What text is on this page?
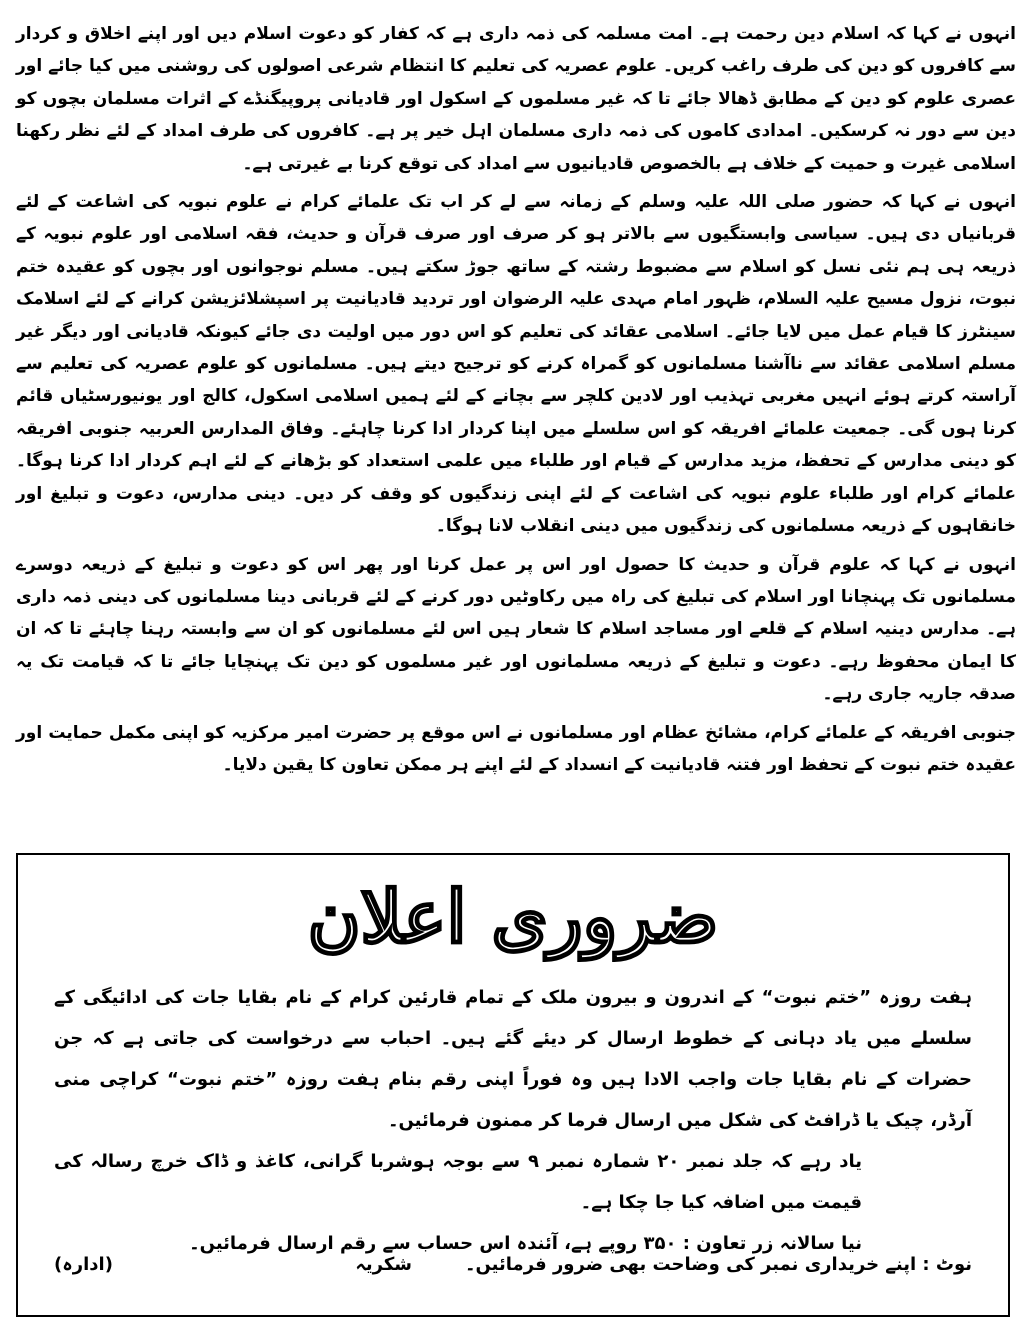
انہوں نے کہا کہ اسلام دین رحمت ہے۔ امت مسلمہ کی ذمہ داری ہے کہ کفار کو دعوت اسلام دیں اور اپنے اخلاق و کردار سے کافروں کو دین کی طرف راغب کریں۔ علوم عصریہ کی تعلیم کا انتظام شرعی اصولوں کی روشنی میں کیا جائے اور عصری علوم کو دین کے مطابق ڈھالا جائے تا کہ غیر مسلموں کے اسکول اور قادیانی پروپیگنڈے کے اثرات مسلمان بچوں کو دین سے دور نہ کرسکیں۔ امدادی کاموں کی ذمہ داری مسلمان اہل خیر پر ہے۔ کافروں کی طرف امداد کے لئے نظر رکھنا اسلامی غیرت و حمیت کے خلاف ہے بالخصوص قادیانیوں سے امداد کی توقع کرنا بے غیرتی ہے۔

انہوں نے کہا کہ حضور صلی اللہ علیہ وسلم کے زمانہ سے لے کر اب تک علمائے کرام نے علوم نبویہ کی اشاعت کے لئے قربانیاں دی ہیں۔ سیاسی وابستگیوں سے بالاتر ہو کر صرف اور صرف قرآن و حدیث، فقہ اسلامی اور علوم نبویہ کے ذریعہ ہی ہم نئی نسل کو اسلام سے مضبوط رشتہ کے ساتھ جوڑ سکتے ہیں۔ مسلم نوجوانوں اور بچوں کو عقیدہ ختم نبوت، نزول مسیح علیہ السلام، ظہور امام مہدی علیہ الرضوان اور تردید قادیانیت پر اسپشلائزیشن کرانے کے لئے اسلامک سینٹرز کا قیام عمل میں لایا جائے۔ اسلامی عقائد کی تعلیم کو اس دور میں اولیت دی جائے کیونکہ قادیانی اور دیگر غیر مسلم اسلامی عقائد سے ناآشنا مسلمانوں کو گمراہ کرنے کو ترجیح دیتے ہیں۔ مسلمانوں کو علوم عصریہ کی تعلیم سے آراستہ کرتے ہوئے انہیں مغربی تہذیب اور لادین کلچر سے بچانے کے لئے ہمیں اسلامی اسکول، کالج اور یونیورسٹیاں قائم کرنا ہوں گی۔ جمعیت علمائے افریقہ کو اس سلسلے میں اپنا کردار ادا کرنا چاہئے۔ وفاق المدارس العربیہ جنوبی افریقہ کو دینی مدارس کے تحفظ، مزید مدارس کے قیام اور طلباء میں علمی استعداد کو بڑھانے کے لئے اہم کردار ادا کرنا ہوگا۔ علمائے کرام اور طلباء علوم نبویہ کی اشاعت کے لئے اپنی زندگیوں کو وقف کر دیں۔ دینی مدارس، دعوت و تبلیغ اور خانقاہوں کے ذریعہ مسلمانوں کی زندگیوں میں دینی انقلاب لانا ہوگا۔

انہوں نے کہا کہ علوم قرآن و حدیث کا حصول اور اس پر عمل کرنا اور پھر اس کو دعوت و تبلیغ کے ذریعہ دوسرے مسلمانوں تک پہنچانا اور اسلام کی تبلیغ کی راہ میں رکاوٹیں دور کرنے کے لئے قربانی دینا مسلمانوں کی دینی ذمہ داری ہے۔ مدارس دینیہ اسلام کے قلعے اور مساجد اسلام کا شعار ہیں اس لئے مسلمانوں کو ان سے وابستہ رہنا چاہئے تا کہ ان کا ایمان محفوظ رہے۔ دعوت و تبلیغ کے ذریعہ مسلمانوں اور غیر مسلموں کو دین تک پہنچایا جائے تا کہ قیامت تک یہ صدقہ جاریہ جاری رہے۔

جنوبی افریقہ کے علمائے کرام، مشائخ عظام اور مسلمانوں نے اس موقع پر حضرت امیر مرکزیہ کو اپنی مکمل حمایت اور عقیدہ ختم نبوت کے تحفظ اور فتنہ قادیانیت کے انسداد کے لئے اپنے ہر ممکن تعاون کا یقین دلایا۔

ضروری اعلان

ہفت روزہ ”ختم نبوت“ کے اندرون و بیرون ملک کے تمام قارئین کرام کے نام بقایا جات کی ادائیگی کے سلسلے میں یاد دہانی کے خطوط ارسال کر دیئے گئے ہیں۔ احباب سے درخواست کی جاتی ہے کہ جن حضرات کے نام بقایا جات واجب الادا ہیں وہ فوراً اپنی رقم بنام ہفت روزہ ”ختم نبوت“ کراچی منی آرڈر، چیک یا ڈرافٹ کی شکل میں ارسال فرما کر ممنون فرمائیں۔

یاد رہے کہ جلد نمبر ۲۰ شمارہ نمبر ۹ سے بوجہ ہوشربا گرانی، کاغذ و ڈاک خرچ رسالہ کی قیمت میں اضافہ کیا جا چکا ہے۔

نیا سالانہ زر تعاون : ۳۵۰ روپے ہے، آئندہ اس حساب سے رقم ارسال فرمائیں۔

نوٹ : اپنے خریداری نمبر کی وضاحت بھی ضرور فرمائیں۔
شکریہ
(ادارہ)
